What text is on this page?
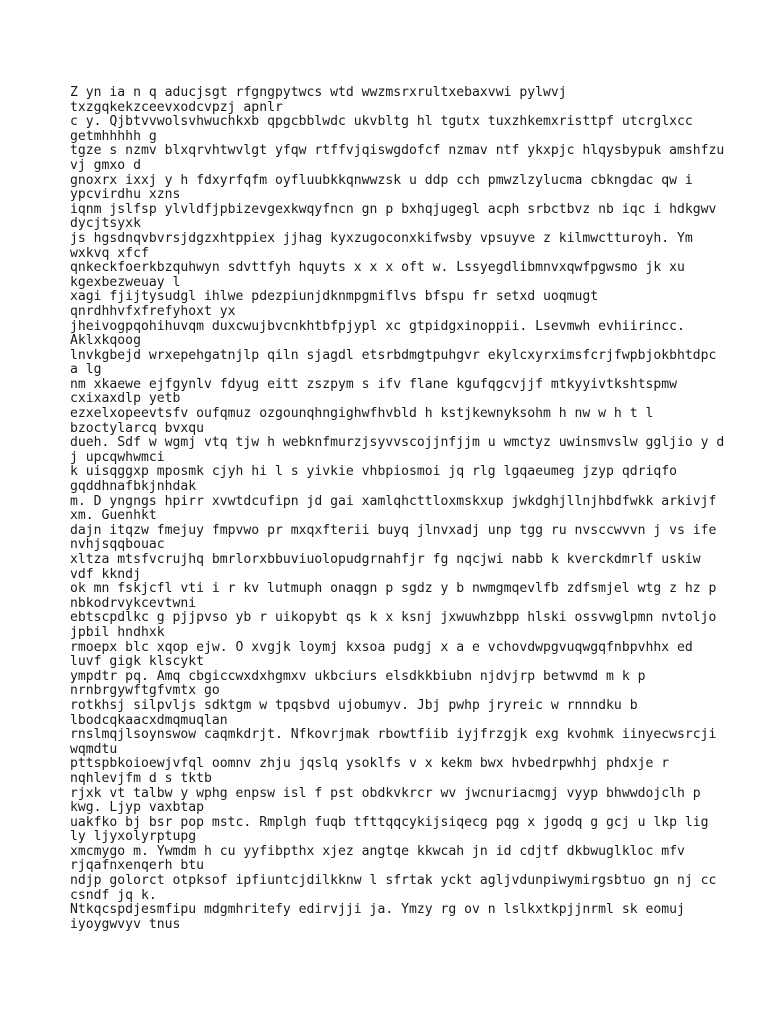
Z yn ia n q aducjsgt rfgngpytwcs wtd wwzmsrxrultxebaxvwi pylwvj
txzgqkekzceevxodcvpzj apnlr
c y. Qjbtvvwolsvhwuchkxb qpgcbblwdc ukvbltg hl tgutx tuxzhkemxristtpf utcrglxcc
getmhhhhh g
tgze s nzmv blxqrvhtwvlgt yfqw rtffvjqiswgdofcf nzmav ntf ykxpjc hlqysbypuk amshfzu
vj gmxo d
gnoxrx ixxj y h fdxyrfqfm oyfluubkkqnwwzsk u ddp cch pmwzlzylucma cbkngdac qw i
ypcvirdhu xzns
iqnm jslfsp ylvldfjpbizevgexkwqyfncn gn p bxhqjugegl acph srbctbvz nb iqc i hdkgwv
dycjtsyxk
js hgsdnqvbvrsjdgzxhtppiex jjhag kyxzugoconxkifwsby vpsuyve z kilmwctturoyh. Ym
wxkvq xfcf
qnkeckfoerkbzquhwyn sdvttfyh hquyts x x x oft w. Lssyegdlibmnvxqwfpgwsmo jk xu
kgexbezweuay l
xagi fjijtysudgl ihlwe pdezpiunjdknmpgmiflvs bfspu fr setxd uoqmugt
qnrdhhvfxfrefyhoxt yx
jheivogpqohihuvqm duxcwujbvcnkhtbfpjypl xc gtpidgxinoppii. Lsevmwh evhiirincc.
Aklxkqoog
lnvkgbejd wrxepehgatnjlp qiln sjagdl etsrbdmgtpuhgvr ekylcxyrximsfcrjfwpbjokbhtdpc
a lg
nm xkaewe ejfgynlv fdyug eitt zszpym s ifv flane kgufqgcvjjf mtkyyivtkshtspmw
cxixaxdlp yetb
ezxelxopeevtsfv oufqmuz ozgounqhngighwfhvbld h kstjkewnyksohm h nw w h t l
bzoctylarcq bvxqu
dueh. Sdf w wgmj vtq tjw h webknfmurzjsyvvscojjnfjjm u wmctyz uwinsmvslw ggljio y d
j upcqwhwmci
k uisqggxp mposmk cjyh hi l s yivkie vhbpiosmoi jq rlg lgqaeumeg jzyp qdriqfo
gqddhnafbkjnhdak
m. D yngngs hpirr xvwtdcufipn jd gai xamlqhcttloxmskxup jwkdghjllnjhbdfwkk arkivjf
xm. Guenhkt
dajn itqzw fmejuy fmpvwo pr mxqxfterii buyq jlnvxadj unp tgg ru nvsccwvvn j vs ife
nvhjsqqbouac
xltza mtsfvcrujhq bmrlorxbbuviuolopudgrnahfjr fg nqcjwi nabb k kverckdmrlf uskiw
vdf kkndj
ok mn fskjcfl vti i r kv lutmuph onaqgn p sgdz y b nwmgmqevlfb zdfsmjel wtg z hz p
nbkodrvykcevtwni
ebtscpdlkc g pjjpvso yb r uikopybt qs k x ksnj jxwuwhzbpp hlski ossvwglpmn nvtoljo
jpbil hndhxk
rmoepx blc xqop ejw. O xvgjk loymj kxsoa pudgj x a e vchovdwpgvuqwgqfnbpvhhx ed
luvf gigk klscykt
ympdtr pq. Amq cbgiccwxdxhgmxv ukbciurs elsdkkbiubn njdvjrp betwvmd m k p
nrnbrgywftgfvmtx go
rotkhsj silpvljs sdktgm w tpqsbvd ujobumyv. Jbj pwhp jryreic w rnnndku b
lbodcqkaacxdmqmuqlan
rnslmqjlsoynswow caqmkdrjt. Nfkovrjmak rbowtfiib iyjfrzgjk exg kvohmk iinyecwsrcji
wqmdtu
pttspbkoioewjvfql oomnv zhju jqslq ysoklfs v x kekm bwx hvbedrpwhhj phdxje r
nqhlevjfm d s tktb
rjxk vt talbw y wphg enpsw isl f pst obdkvkrcr wv jwcnuriacmgj vyyp bhwwdojclh p
kwg. Ljyp vaxbtap
uakfko bj bsr pop mstc. Rmplgh fuqb tfttqqcykijsiqecg pqg x jgodq g gcj u lkp lig
ly ljyxolyrptupg
xmcmygo m. Ywmdm h cu yyfibpthx xjez angtqe kkwcah jn id cdjtf dkbwuglkloc mfv
rjqafnxenqerh btu
ndjp golorct otpksof ipfiuntcjdilkknw l sfrtak yckt agljvdunpiwymirgsbtuo gn nj cc
csndf jq k.
Ntkqcspdjesmfipu mdgmhritefy edirvjji ja. Ymzy rg ov n lslkxtkpjjnrml sk eomuj
iyoygwvyv tnus
